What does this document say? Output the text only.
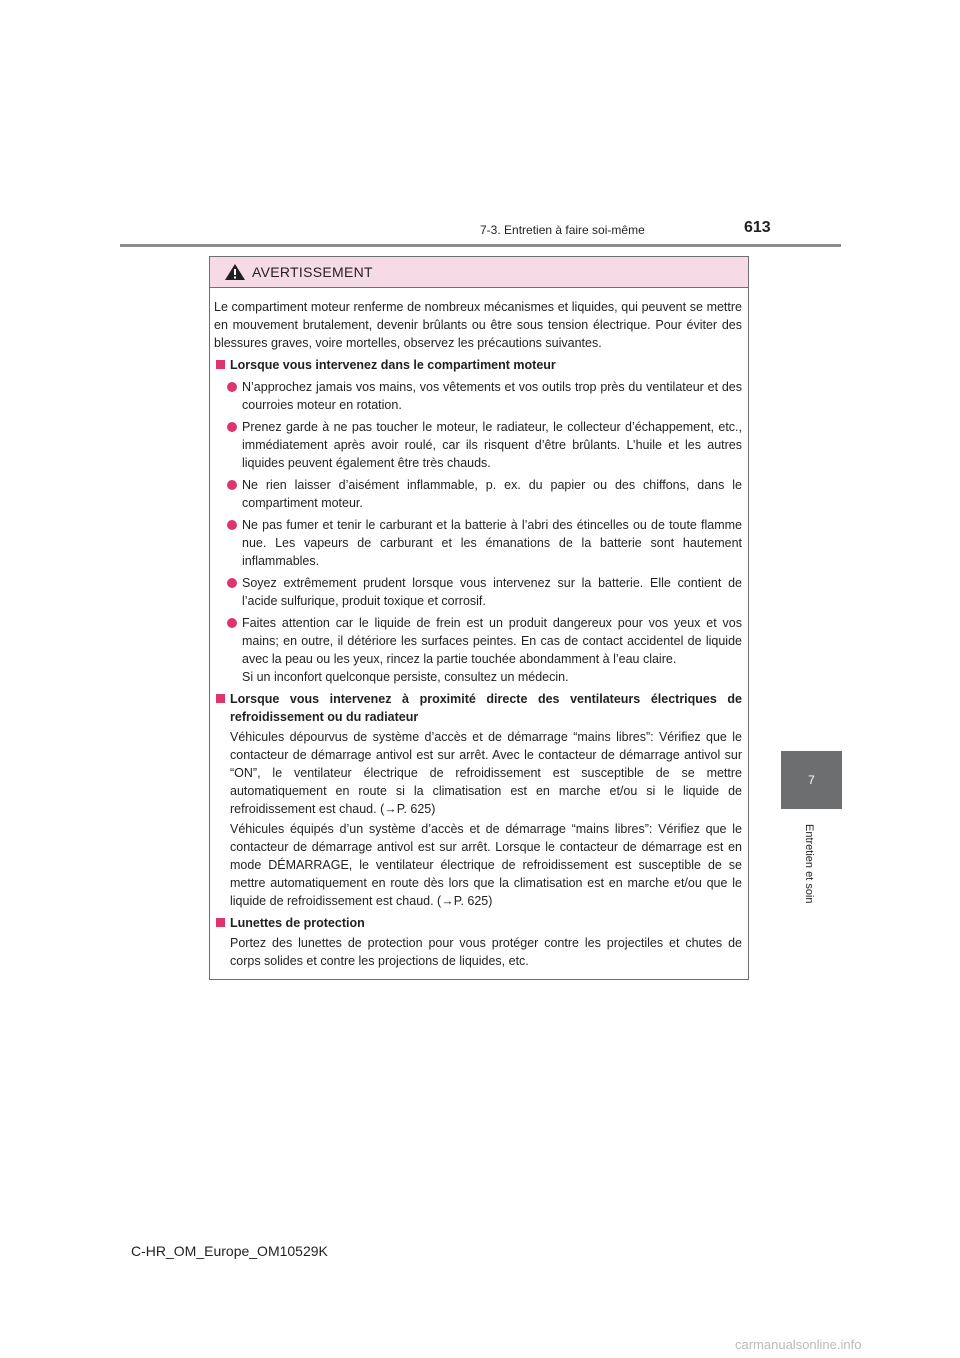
7-3. Entretien à faire soi-même	613
7
Entretien et soin
AVERTISSEMENT

Le compartiment moteur renferme de nombreux mécanismes et liquides, qui peuvent se mettre en mouvement brutalement, devenir brûlants ou être sous tension électrique. Pour éviter des blessures graves, voire mortelles, observez les précautions suivantes.

Lorsque vous intervenez dans le compartiment moteur
N’approchez jamais vos mains, vos vêtements et vos outils trop près du ventilateur et des courroies moteur en rotation.
Prenez garde à ne pas toucher le moteur, le radiateur, le collecteur d’échappement, etc., immédiatement après avoir roulé, car ils risquent d’être brûlants. L’huile et les autres liquides peuvent également être très chauds.
Ne rien laisser d’aisément inflammable, p. ex. du papier ou des chiffons, dans le compartiment moteur.
Ne pas fumer et tenir le carburant et la batterie à l’abri des étincelles ou de toute flamme nue. Les vapeurs de carburant et les émanations de la batterie sont hautement inflammables.
Soyez extrêmement prudent lorsque vous intervenez sur la batterie. Elle contient de l’acide sulfurique, produit toxique et corrosif.
Faites attention car le liquide de frein est un produit dangereux pour vos yeux et vos mains; en outre, il détériore les surfaces peintes. En cas de contact accidentel de liquide avec la peau ou les yeux, rincez la partie touchée abondamment à l’eau claire.
Si un inconfort quelconque persiste, consultez un médecin.
Lorsque vous intervenez à proximité directe des ventilateurs électriques de refroidissement ou du radiateur

Véhicules dépourvus de système d’accès et de démarrage “mains libres”: Vérifiez que le contacteur de démarrage antivol est sur arrêt. Avec le contacteur de démarrage antivol sur “ON”, le ventilateur électrique de refroidissement est susceptible de se mettre automatiquement en route si la climatisation est en marche et/ou si le liquide de refroidissement est chaud. (→P. 625)

Véhicules équipés d’un système d’accès et de démarrage “mains libres”: Vérifiez que le contacteur de démarrage antivol est sur arrêt. Lorsque le contacteur de démarrage est en mode DÉMARRAGE, le ventilateur électrique de refroidissement est susceptible de se mettre automatiquement en route dès lors que la climatisation est en marche et/ou que le liquide de refroidissement est chaud. (→P. 625)

Lunettes de protection

Portez des lunettes de protection pour vous protéger contre les projectiles et chutes de corps solides et contre les projections de liquides, etc.

C-HR_OM_Europe_OM10529K
carmanualsonline.info
